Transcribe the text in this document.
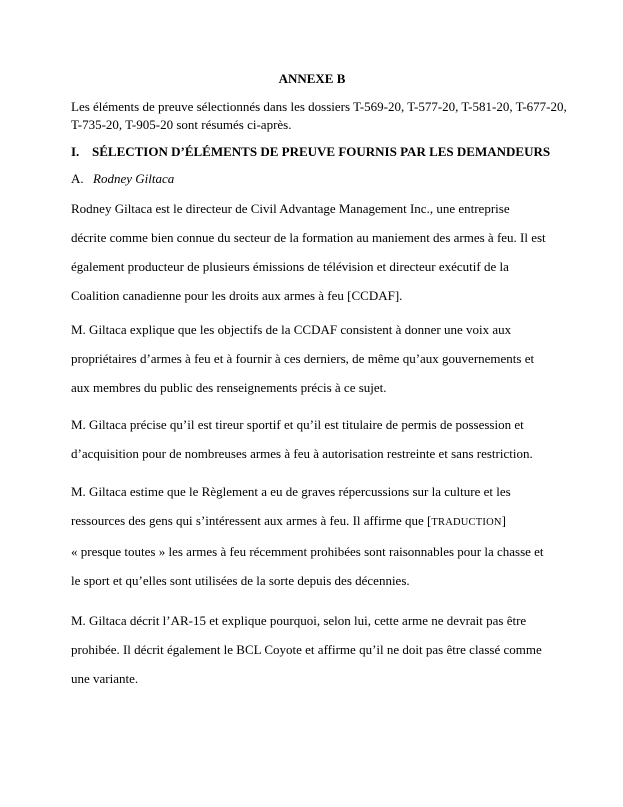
ANNEXE B
Les éléments de preuve sélectionnés dans les dossiers T-569-20, T-577-20, T-581-20, T-677-20,
T-735-20, T-905-20 sont résumés ci-après.
I. SÉLECTION D’ÉLÉMENTS DE PREUVE FOURNIS PAR LES DEMANDEURS
A. Rodney Giltaca
Rodney Giltaca est le directeur de Civil Advantage Management Inc., une entreprise
décrite comme bien connue du secteur de la formation au maniement des armes à feu. Il est
également producteur de plusieurs émissions de télévision et directeur exécutif de la
Coalition canadienne pour les droits aux armes à feu [CCDAF].
M. Giltaca explique que les objectifs de la CCDAF consistent à donner une voix aux
propriétaires d’armes à feu et à fournir à ces derniers, de même qu’aux gouvernements et
aux membres du public des renseignements précis à ce sujet.
M. Giltaca précise qu’il est tireur sportif et qu’il est titulaire de permis de possession et
d’acquisition pour de nombreuses armes à feu à autorisation restreinte et sans restriction.
M. Giltaca estime que le Règlement a eu de graves répercussions sur la culture et les
ressources des gens qui s’intéressent aux armes à feu. Il affirme que [TRADUCTION]
« presque toutes » les armes à feu récemment prohibées sont raisonnables pour la chasse et
le sport et qu’elles sont utilisées de la sorte depuis des décennies.
M. Giltaca décrit l’AR-15 et explique pourquoi, selon lui, cette arme ne devrait pas être
prohibée. Il décrit également le BCL Coyote et affirme qu’il ne doit pas être classé comme
une variante.
